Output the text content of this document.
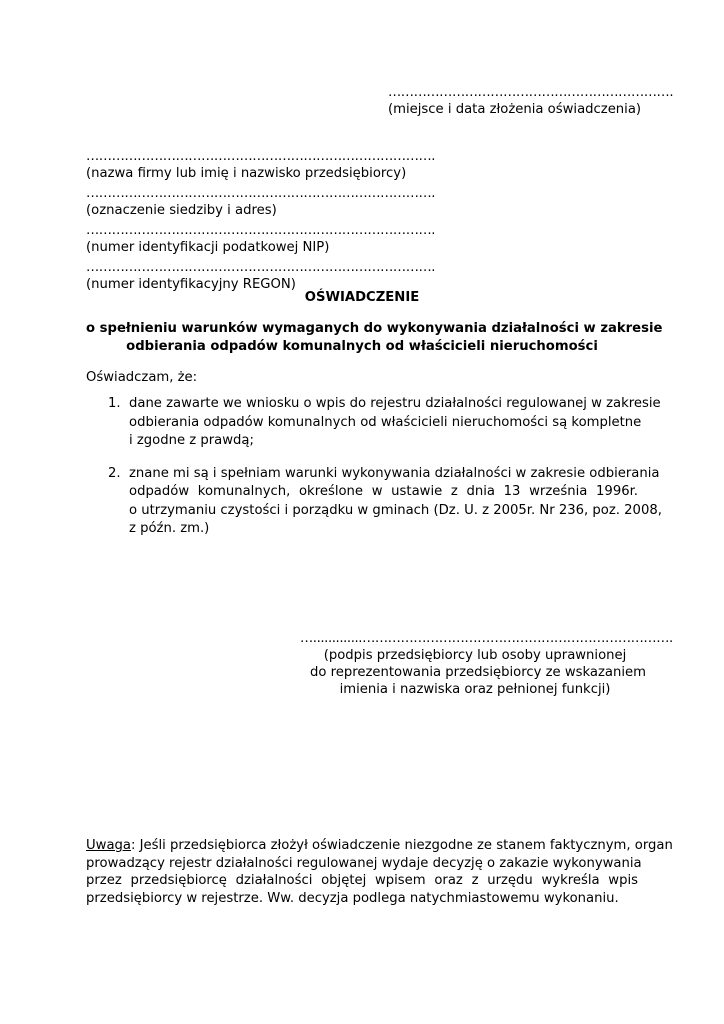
………………………………………………………….
(miejsce i data złożenia oświadczenia)
……………………………………………………………………….
(nazwa firmy lub imię i nazwisko przedsiębiorcy)
……………………………………………………………………….
(oznaczenie siedziby i adres)
……………………………………………………………………….
(numer identyfikacji podatkowej NIP)
……………………………………………………………………….
(numer identyfikacyjny REGON)
OŚWIADCZENIE
o spełnieniu warunków wymaganych do wykonywania działalności w zakresie
odbierania odpadów komunalnych od właścicieli nieruchomości
Oświadczam, że:
1. dane zawarte we wniosku o wpis do rejestru działalności regulowanej w zakresie
odbierania odpadów komunalnych od właścicieli nieruchomości są kompletne
i zgodne z prawdą;
2. znane mi są i spełniam warunki wykonywania działalności w zakresie odbierania
odpadów komunalnych, określone w ustawie z dnia 13 września 1996r.
o utrzymaniu czystości i porządku w gminach (Dz. U. z 2005r. Nr 236, poz. 2008,
z późn. zm.)
….............……………………………………………………………….
(podpis przedsiębiorcy lub osoby uprawnionej
do reprezentowania przedsiębiorcy ze wskazaniem
imienia i nazwiska oraz pełnionej funkcji)
Uwaga: Jeśli przedsiębiorca złożył oświadczenie niezgodne ze stanem faktycznym, organ
prowadzący rejestr działalności regulowanej wydaje decyzję o zakazie wykonywania
przez przedsiębiorcę działalności objętej wpisem oraz z urzędu wykreśla wpis
przedsiębiorcy w rejestrze. Ww. decyzja podlega natychmiastowemu wykonaniu.
